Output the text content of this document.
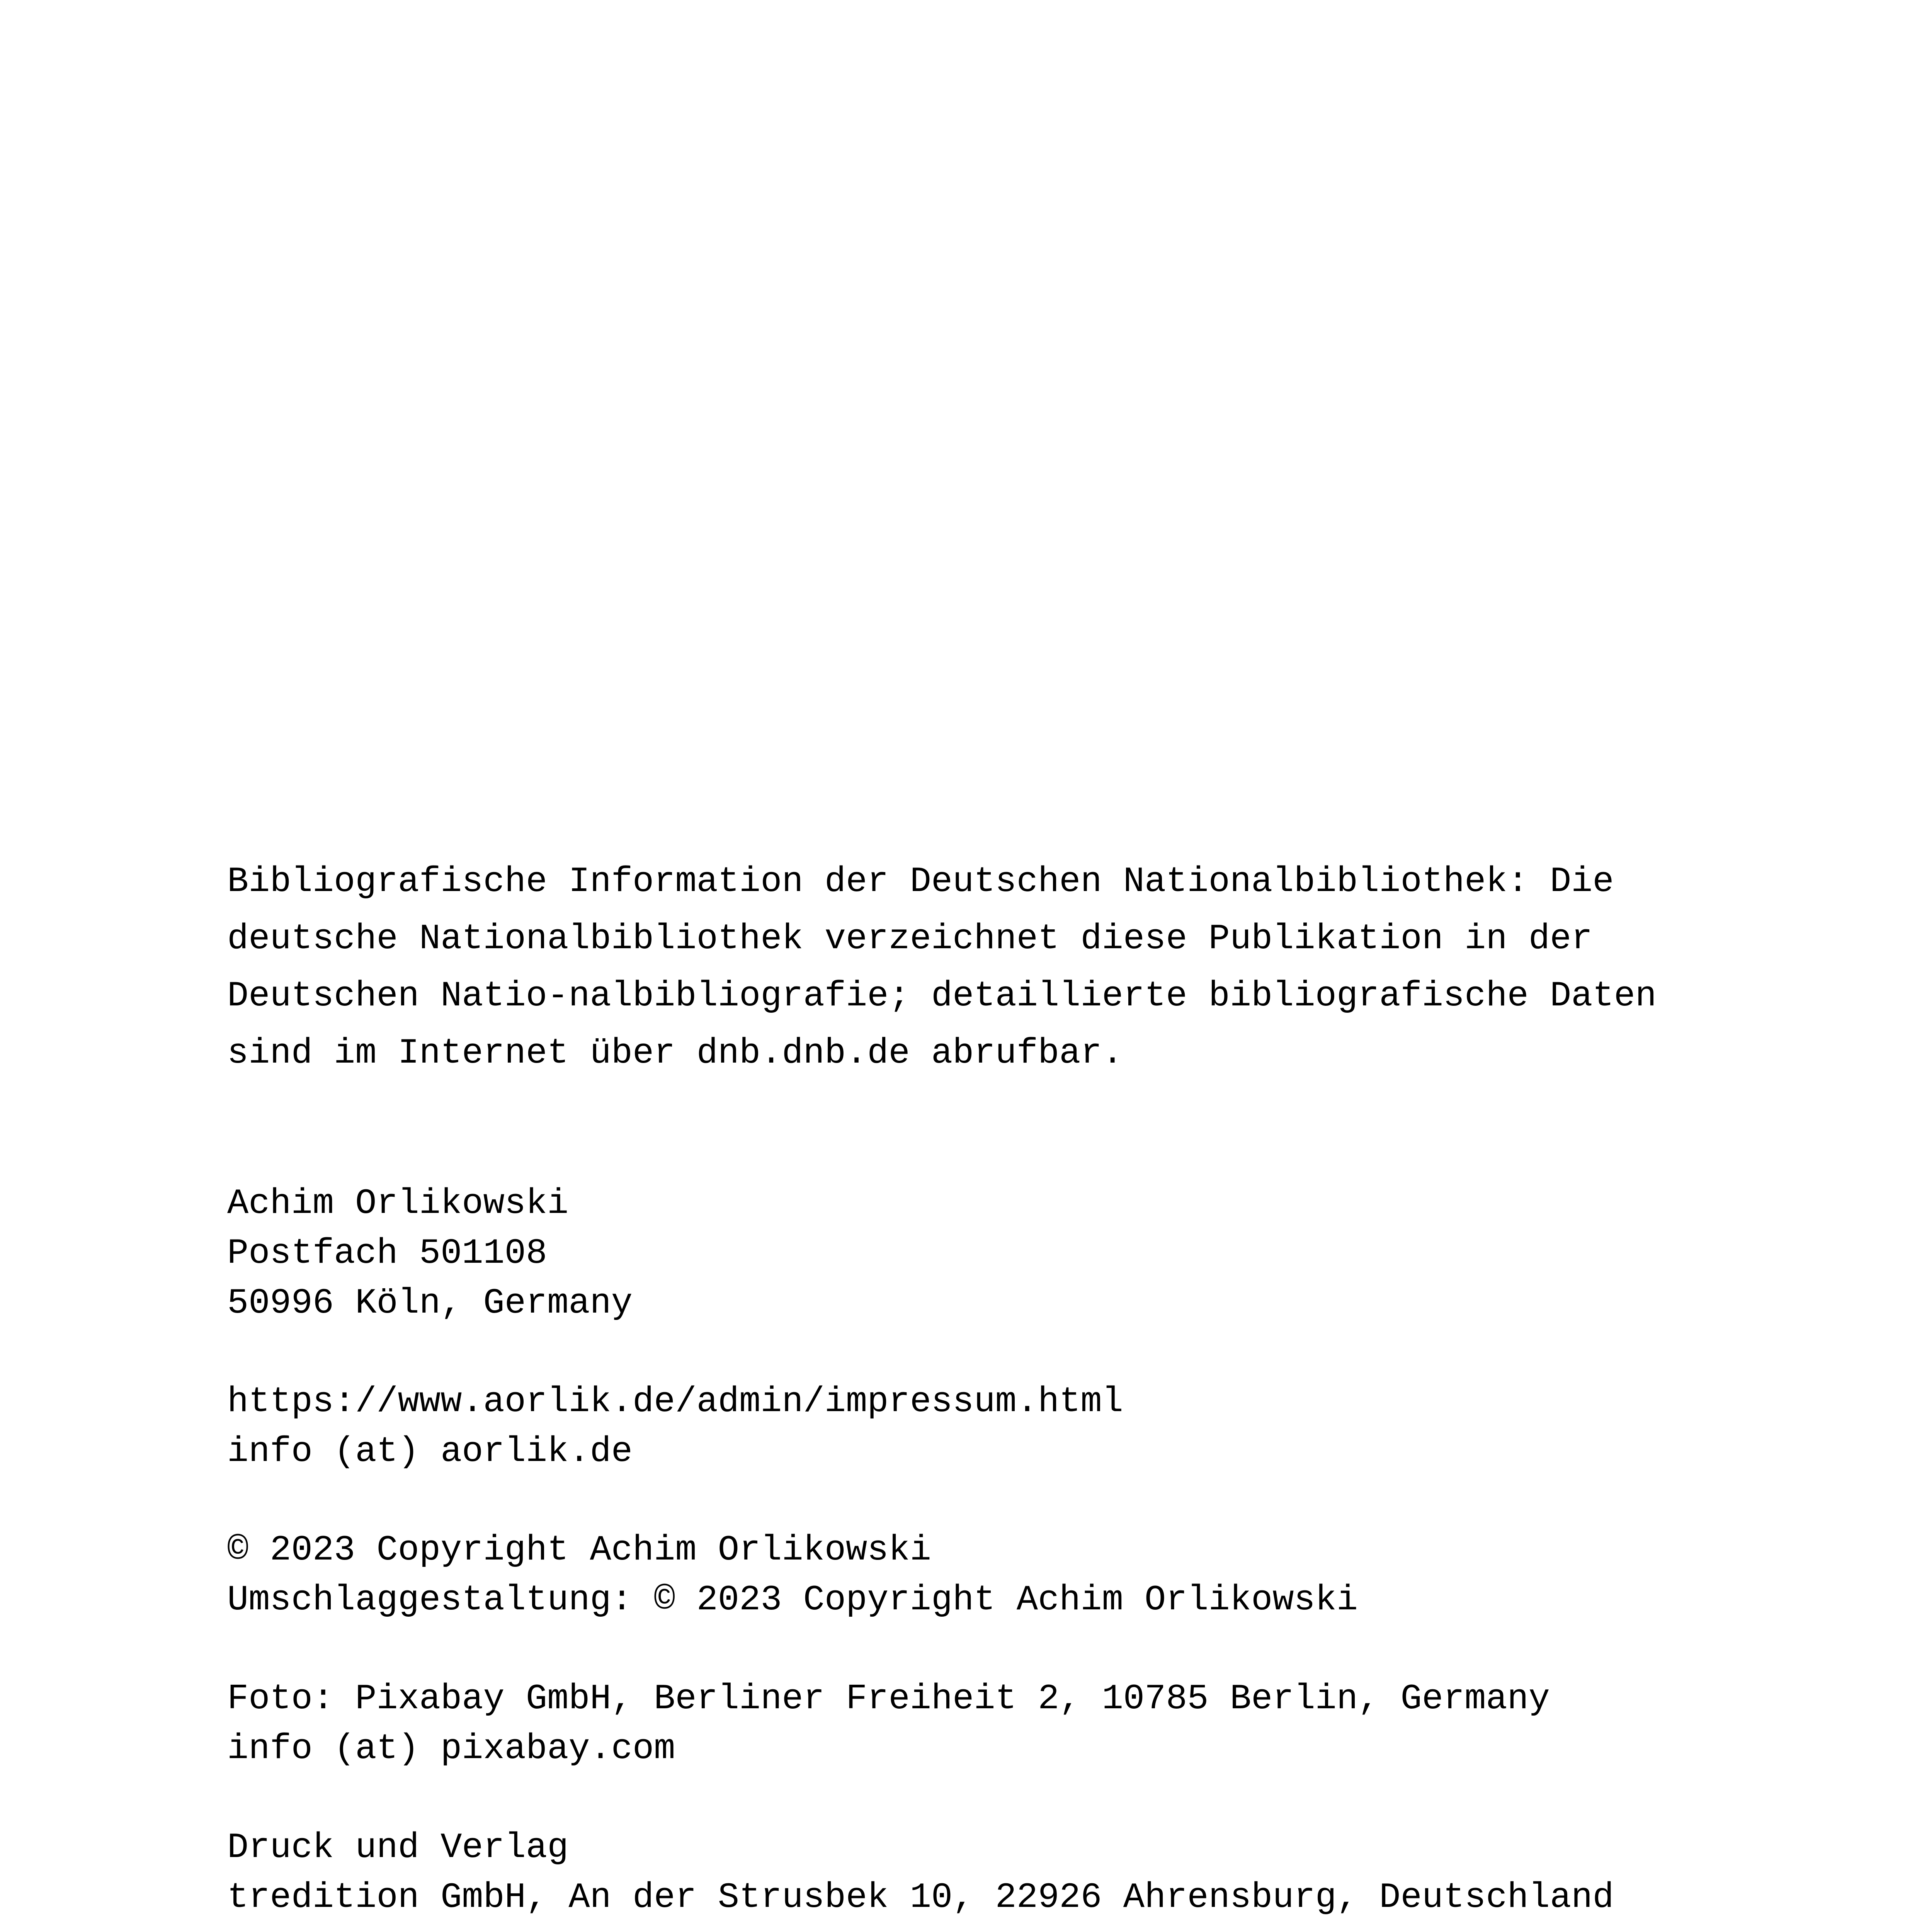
Bibliografische Information der Deutschen Nationalbibliothek: Die deutsche Nationalbibliothek verzeichnet diese Publikation in der Deutschen Natio-nalbibliografie; detaillierte bibliografische Daten sind im Internet über dnb.dnb.de abrufbar.

Achim Orlikowski
Postfach 501108
50996 Köln, Germany
https://www.aorlik.de/admin/impressum.html
info (at) aorlik.de
© 2023 Copyright Achim Orlikowski
Umschlaggestaltung: © 2023 Copyright Achim Orlikowski
Foto: Pixabay GmbH, Berliner Freiheit 2, 10785 Berlin, Germany
info (at) pixabay.com
Druck und Verlag
tredition GmbH, An der Strusbek 10, 22926 Ahrensburg, Deutschland
